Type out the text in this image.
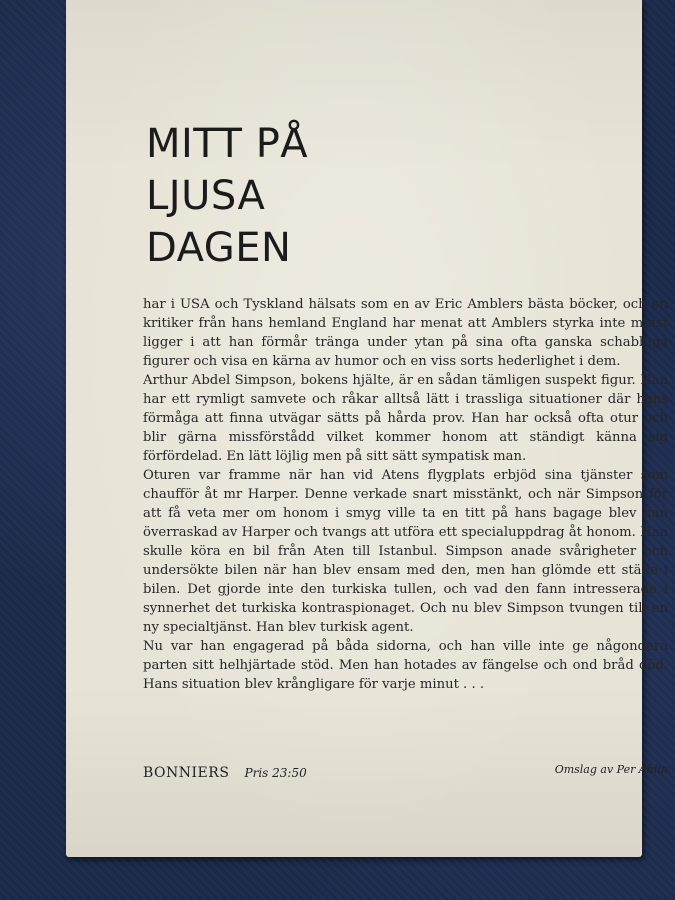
MITT PÅ
LJUSA
DAGEN

har i USA och Tyskland hälsats som en av Eric Amblers bästa böcker, och en kritiker från hans hemland England har menat att Amblers styrka inte minst ligger i att han förmår tränga under ytan på sina ofta ganska schabbiga figurer och visa en kärna av humor och en viss sorts hederlighet i dem.

Arthur Abdel Simpson, bokens hjälte, är en sådan tämligen suspekt figur. Han har ett rymligt samvete och råkar alltså lätt i trassliga situationer där hans förmåga att finna utvägar sätts på hårda prov. Han har också ofta otur och blir gärna missförstådd vilket kommer honom att ständigt känna sig förfördelad. En lätt löjlig men på sitt sätt sympatisk man.

Oturen var framme när han vid Atens flygplats erbjöd sina tjänster som chaufför åt mr Harper. Denne verkade snart misstänkt, och när Simpson för att få veta mer om honom i smyg ville ta en titt på hans bagage blev han överraskad av Harper och tvangs att utföra ett specialuppdrag åt honom. Han skulle köra en bil från Aten till Istanbul. Simpson anade svårigheter och undersökte bilen när han blev ensam med den, men han glömde ett ställe i bilen. Det gjorde inte den turkiska tullen, och vad den fann intresserade i synnerhet det turkiska kontraspionaget. Och nu blev Simpson tvungen till en ny specialtjänst. Han blev turkisk agent.

Nu var han engagerad på båda sidorna, och han ville inte ge någondera parten sitt helhjärtade stöd. Men han hotades av fängelse och ond bråd död. Hans situation blev krångligare för varje minut . . .

BONNIERS Pris 23:50	Omslag av Per Åhlin
